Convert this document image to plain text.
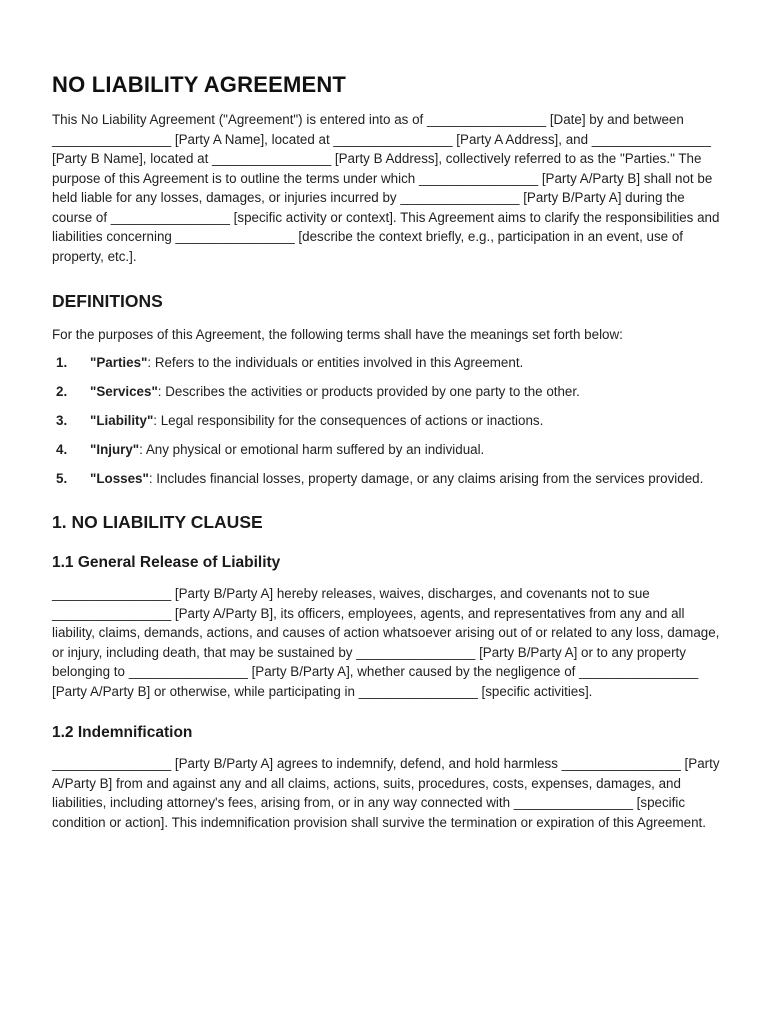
NO LIABILITY AGREEMENT

This No Liability Agreement ("Agreement") is entered into as of ________________ [Date] by and between ________________ [Party A Name], located at ________________ [Party A Address], and ________________ [Party B Name], located at ________________ [Party B Address], collectively referred to as the "Parties." The purpose of this Agreement is to outline the terms under which ________________ [Party A/Party B] shall not be held liable for any losses, damages, or injuries incurred by ________________ [Party B/Party A] during the course of ________________ [specific activity or context]. This Agreement aims to clarify the responsibilities and liabilities concerning ________________ [describe the context briefly, e.g., participation in an event, use of property, etc.].

DEFINITIONS

For the purposes of this Agreement, the following terms shall have the meanings set forth below:

1. "Parties": Refers to the individuals or entities involved in this Agreement.
2. "Services": Describes the activities or products provided by one party to the other.
3. "Liability": Legal responsibility for the consequences of actions or inactions.
4. "Injury": Any physical or emotional harm suffered by an individual.
5. "Losses": Includes financial losses, property damage, or any claims arising from the services provided.
1. NO LIABILITY CLAUSE
1.1 General Release of Liability

________________ [Party B/Party A] hereby releases, waives, discharges, and covenants not to sue ________________ [Party A/Party B], its officers, employees, agents, and representatives from any and all liability, claims, demands, actions, and causes of action whatsoever arising out of or related to any loss, damage, or injury, including death, that may be sustained by ________________ [Party B/Party A] or to any property belonging to ________________ [Party B/Party A], whether caused by the negligence of ________________ [Party A/Party B] or otherwise, while participating in ________________ [specific activities].

1.2 Indemnification

________________ [Party B/Party A] agrees to indemnify, defend, and hold harmless ________________ [Party A/Party B] from and against any and all claims, actions, suits, procedures, costs, expenses, damages, and liabilities, including attorney's fees, arising from, or in any way connected with ________________ [specific condition or action]. This indemnification provision shall survive the termination or expiration of this Agreement.
